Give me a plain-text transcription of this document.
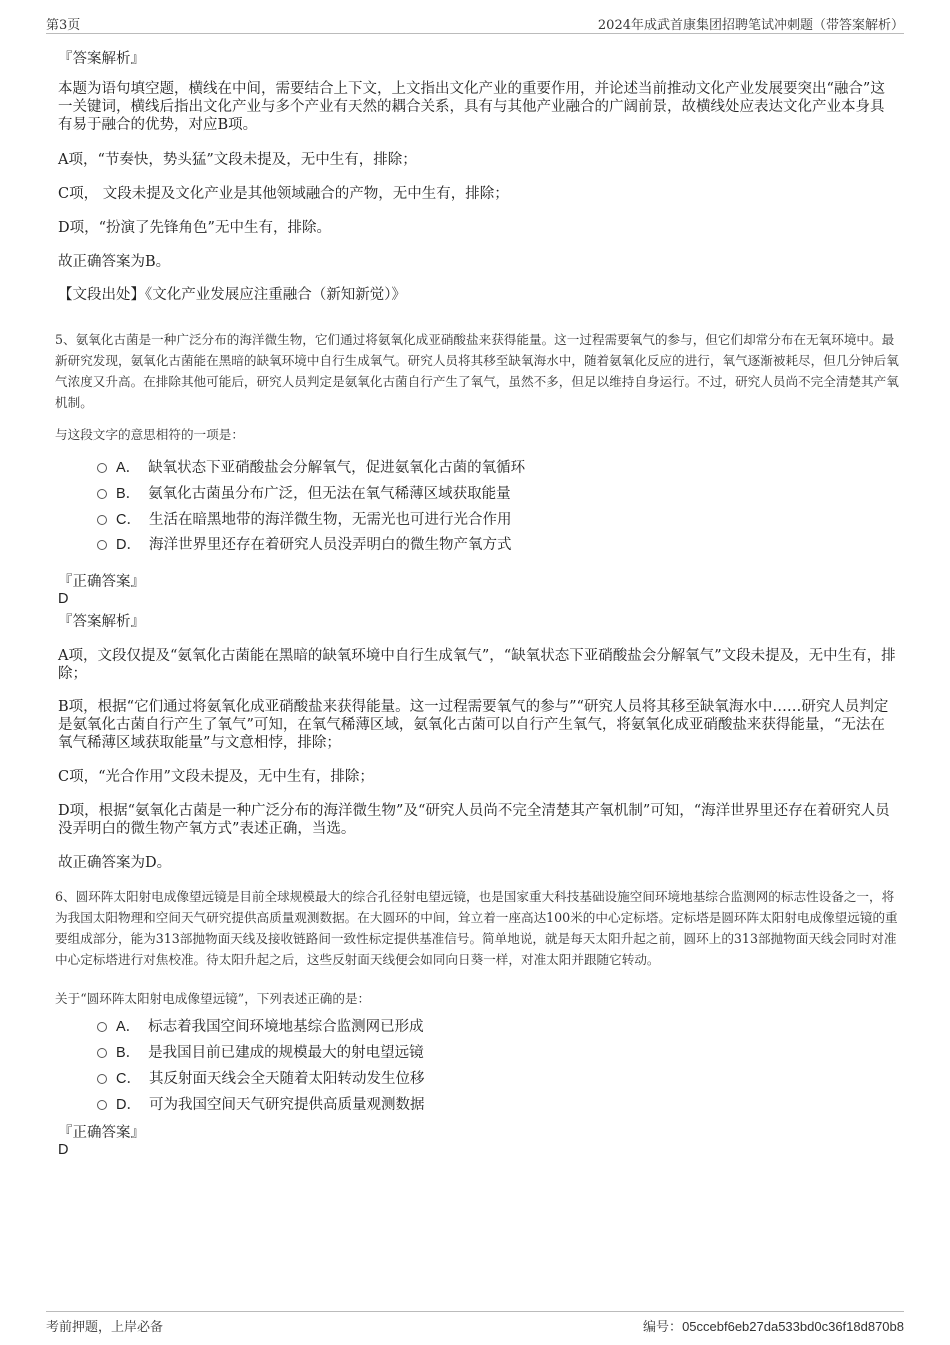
第3页	2024年成武首康集团招聘笔试冲刺题（带答案解析）

『答案解析』

本题为语句填空题，横线在中间，需要结合上下文，上文指出文化产业的重要作用，并论述当前推动文化产业发展要突出“融合”这一关键词，横线后指出文化产业与多个产业有天然的耦合关系，具有与其他产业融合的广阔前景，故横线处应表达文化产业本身具有易于融合的优势，对应B项。

A项，“节奏快，势头猛”文段未提及，无中生有，排除；

C项， 文段未提及文化产业是其他领域融合的产物，无中生有，排除；

D项，“扮演了先锋角色”无中生有，排除。

故正确答案为B。

【文段出处】《文化产业发展应注重融合（新知新觉）》

5、氨氧化古菌是一种广泛分布的海洋微生物，它们通过将氨氧化成亚硝酸盐来获得能量。这一过程需要氧气的参与，但它们却常分布在无氧环境中。最新研究发现，氨氧化古菌能在黑暗的缺氧环境中自行生成氧气。研究人员将其移至缺氧海水中，随着氨氧化反应的进行，氧气逐渐被耗尽，但几分钟后氧气浓度又升高。在排除其他可能后，研究人员判定是氨氧化古菌自行产生了氧气，虽然不多，但足以维持自身运行。不过，研究人员尚不完全清楚其产氧机制。

与这段文字的意思相符的一项是：

A． 缺氧状态下亚硝酸盐会分解氧气，促进氨氧化古菌的氧循环
B． 氨氧化古菌虽分布广泛，但无法在氧气稀薄区域获取能量
C． 生活在暗黑地带的海洋微生物，无需光也可进行光合作用
D． 海洋世界里还存在着研究人员没弄明白的微生物产氧方式

『正确答案』

D

『答案解析』

A项，文段仅提及“氨氧化古菌能在黑暗的缺氧环境中自行生成氧气”，“缺氧状态下亚硝酸盐会分解氧气”文段未提及，无中生有，排除；

B项，根据“它们通过将氨氧化成亚硝酸盐来获得能量。这一过程需要氧气的参与”“研究人员将其移至缺氧海水中……研究人员判定是氨氧化古菌自行产生了氧气”可知，在氧气稀薄区域，氨氧化古菌可以自行产生氧气，将氨氧化成亚硝酸盐来获得能量，“无法在氧气稀薄区域获取能量”与文意相悖，排除；

C项，“光合作用”文段未提及，无中生有，排除；

D项，根据“氨氧化古菌是一种广泛分布的海洋微生物”及“研究人员尚不完全清楚其产氧机制”可知，“海洋世界里还存在着研究人员没弄明白的微生物产氧方式”表述正确，当选。

故正确答案为D。

6、圆环阵太阳射电成像望远镜是目前全球规模最大的综合孔径射电望远镜，也是国家重大科技基础设施空间环境地基综合监测网的标志性设备之一，将为我国太阳物理和空间天气研究提供高质量观测数据。在大圆环的中间，耸立着一座高达100米的中心定标塔。定标塔是圆环阵太阳射电成像望远镜的重要组成部分，能为313部抛物面天线及接收链路间一致性标定提供基准信号。简单地说，就是每天太阳升起之前，圆环上的313部抛物面天线会同时对准中心定标塔进行对焦校准。待太阳升起之后，这些反射面天线便会如同向日葵一样，对准太阳并跟随它转动。

关于“圆环阵太阳射电成像望远镜”，下列表述正确的是：

A． 标志着我国空间环境地基综合监测网已形成
B． 是我国目前已建成的规模最大的射电望远镜
C． 其反射面天线会全天随着太阳转动发生位移
D． 可为我国空间天气研究提供高质量观测数据

『正确答案』

D
考前押题，上岸必备	编号：05ccebf6eb27da533bd0c36f18d870b8
